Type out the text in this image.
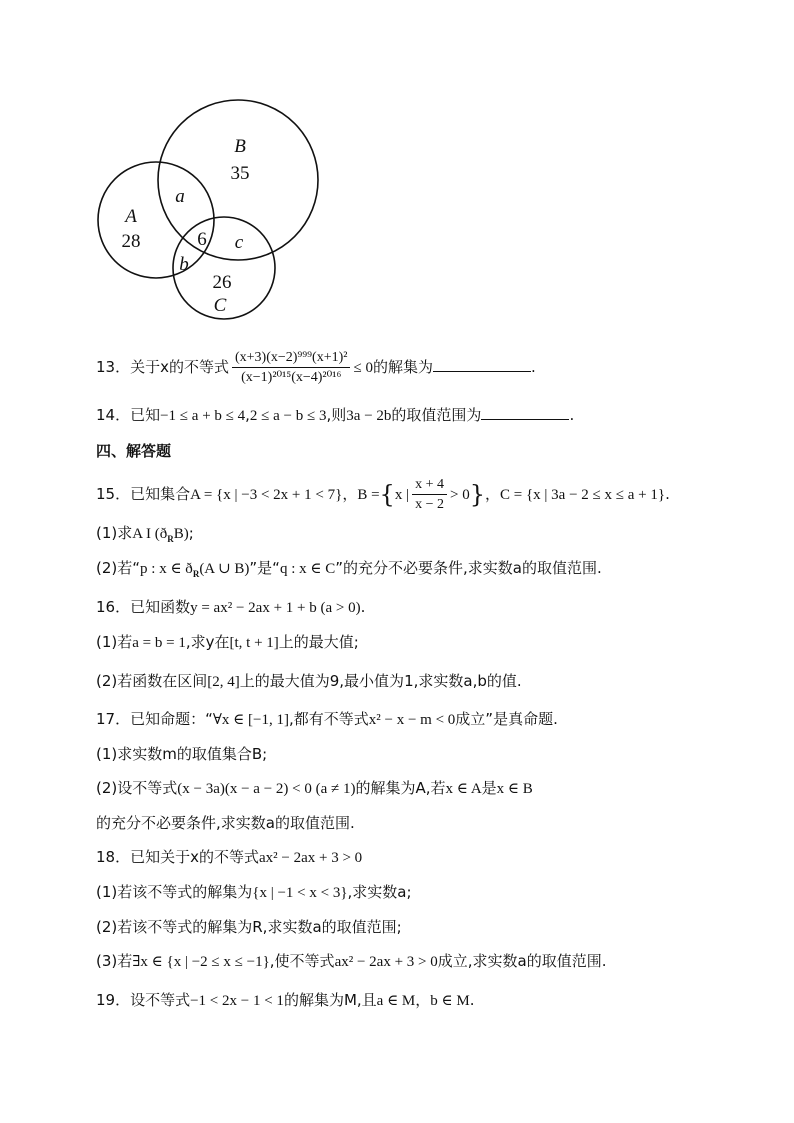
B
35
a
A
28	6 c
b
26
C
13．关于x的不等式 $\frac{\text{(x+3)(x−2)⁹⁹⁹(x+1)²}}{\text{(x−1)²⁰¹⁵(x−4)²⁰¹⁶}} \le 0$的解集为	.
14．已知−1 ≤ a + b ≤ 4,2 ≤ a − b ≤ 3,则3a − 2b的取值范围为	.
四、解答题
15．已知集合A = {x | −3 < 2x + 1 < 7}，B ={x | $\frac{x + 4}{x - 2} > 0$}，C = {x | 3a − 2 ≤ x ≤ a + 1}.
(1)求A I $(ð_RB)$;
(2)若“p : x ∈ $ð_R(A$ ∪ B)”是“q : x ∈ C”的充分不必要条件,求实数a的取值范围.
16．已知函数y = ax² − 2ax + 1 + b (a > 0).
(1)若a = b = 1,求y在[t, t + 1]上的最大值;
(2)若函数在区间[2, 4]上的最大值为9,最小值为1,求实数a,b的值.
17．已知命题：“∀x ∈ [−1, 1],都有不等式x² − x − m < 0成立”是真命题.
(1)求实数m的取值集合B;
(2)设不等式(x − 3a)(x − a − 2) < 0 (a ≠ 1)的解集为A,若x ∈ A是x ∈ B
的充分不必要条件,求实数a的取值范围.
18．已知关于x的不等式ax² − 2ax + 3 > 0
(1)若该不等式的解集为{x | −1 < x < 3},求实数a;
(2)若该不等式的解集为R,求实数a的取值范围;
(3)若∃x ∈ {x | −2 ≤ x ≤ −1},使不等式ax² − 2ax + 3 > 0成立,求实数a的取值范围.
19．设不等式−1 < 2x − 1 < 1的解集为M,且a ∈ M，b ∈ M.
